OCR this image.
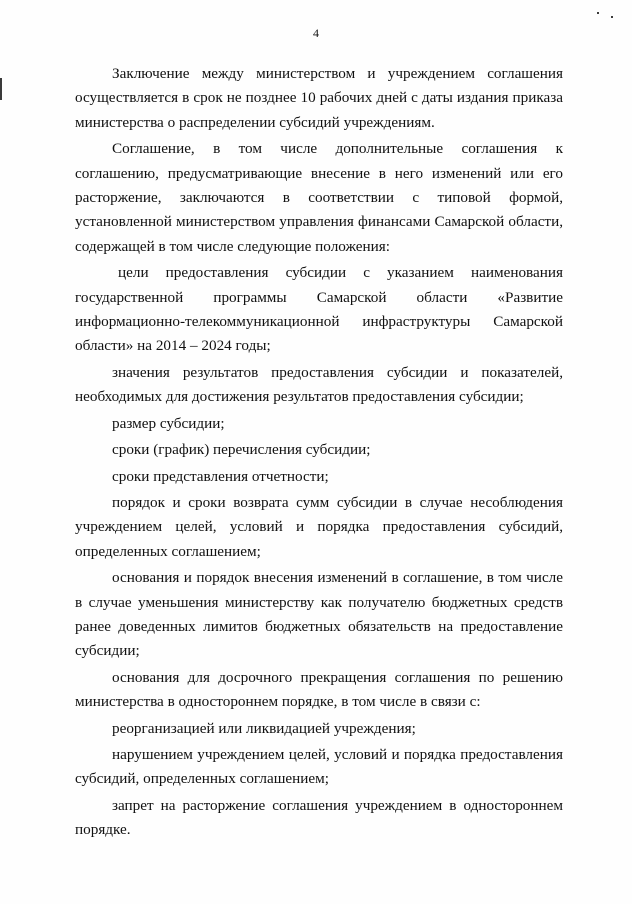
4

Заключение между министерством и учреждением соглашения осуществляется в срок не позднее 10 рабочих дней с даты издания приказа министерства о распределении субсидий учреждениям.

Соглашение, в том числе дополнительные соглашения к соглашению, предусматривающие внесение в него изменений или его расторжение, заключаются в соответствии с типовой формой, установленной министерством управления финансами Самарской области, содержащей в том числе следующие положения:

цели предоставления субсидии с указанием наименования государственной программы Самарской области «Развитие информационно-телекоммуникационной инфраструктуры Самарской области» на 2014 – 2024 годы;

значения результатов предоставления субсидии и показателей, необходимых для достижения результатов предоставления субсидии;

размер субсидии;

сроки (график) перечисления субсидии;

сроки представления отчетности;

порядок и сроки возврата сумм субсидии в случае несоблюдения учреждением целей, условий и порядка предоставления субсидий, определенных соглашением;

основания и порядок внесения изменений в соглашение, в том числе в случае уменьшения министерству как получателю бюджетных средств ранее доведенных лимитов бюджетных обязательств на предоставление субсидии;

основания для досрочного прекращения соглашения по решению министерства в одностороннем порядке, в том числе в связи с:

реорганизацией или ликвидацией учреждения;

нарушением учреждением целей, условий и порядка предоставления субсидий, определенных соглашением;

запрет на расторжение соглашения учреждением в одностороннем порядке.
